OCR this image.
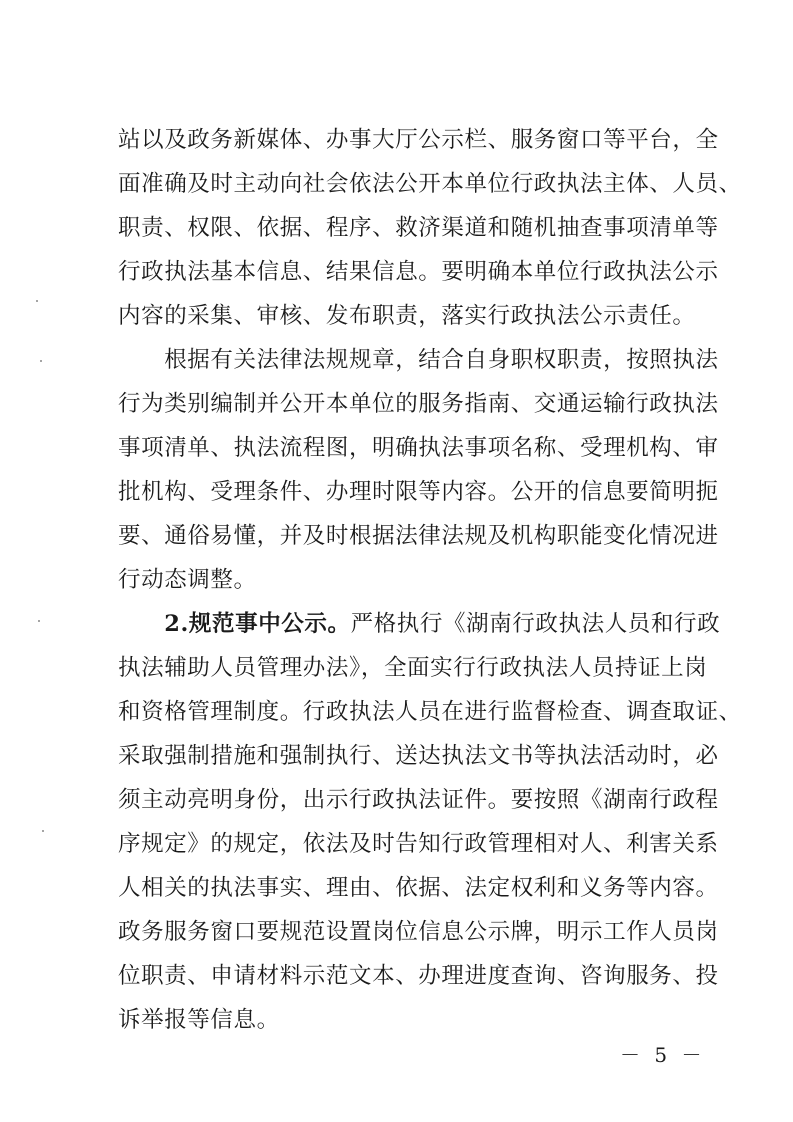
站以及政务新媒体、办事大厅公示栏、服务窗口等平台，全
面准确及时主动向社会依法公开本单位行政执法主体、人员、
职责、权限、依据、程序、救济渠道和随机抽查事项清单等
行政执法基本信息、结果信息。要明确本单位行政执法公示
内容的采集、审核、发布职责，落实行政执法公示责任。
　　根据有关法律法规规章，结合自身职权职责，按照执法
行为类别编制并公开本单位的服务指南、交通运输行政执法
事项清单、执法流程图，明确执法事项名称、受理机构、审
批机构、受理条件、办理时限等内容。公开的信息要简明扼
要、通俗易懂，并及时根据法律法规及机构职能变化情况进
行动态调整。
　　2.规范事中公示。严格执行《湖南行政执法人员和行政
执法辅助人员管理办法》，全面实行行政执法人员持证上岗
和资格管理制度。行政执法人员在进行监督检查、调查取证、
采取强制措施和强制执行、送达执法文书等执法活动时，必
须主动亮明身份，出示行政执法证件。要按照《湖南行政程
序规定》的规定，依法及时告知行政管理相对人、利害关系
人相关的执法事实、理由、依据、法定权利和义务等内容。
政务服务窗口要规范设置岗位信息公示牌，明示工作人员岗
位职责、申请材料示范文本、办理进度查询、咨询服务、投
诉举报等信息。
－ 5 －
